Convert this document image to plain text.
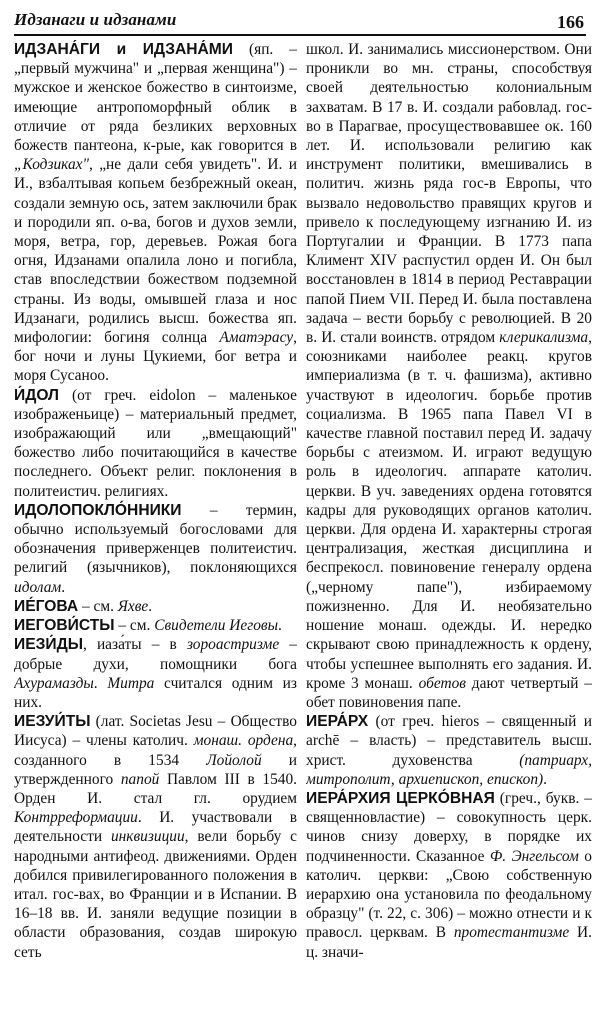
Идзанаги и идзанами	166

ИДЗАНА́ГИ и ИДЗАНА́МИ (яп. – „первый мужчина" и „первая женщина") – мужское и женское божество в синтоизме, имеющие антропоморфный облик в отличие от ряда безликих верховных божеств пантеона, к-рые, как говорится в „Кодзиках", „не дали себя увидеть". И. и И., взбалтывая копьем безбрежный океан, создали земную ось, затем заключили брак и породили яп. о-ва, богов и духов земли, моря, ветра, гор, деревьев. Рожая бога огня, Идзанами опалила лоно и погибла, став впоследствии божеством подземной страны. Из воды, омывшей глаза и нос Идзанаги, родились высш. божества яп. мифологии: богиня солнца Аматэрасу, бог ночи и луны Цукиеми, бог ветра и моря Сусаноо.

И́ДОЛ (от греч. eidolon – маленькое изображеньице) – материальный предмет, изображающий или „вмещающий" божество либо почитающийся в качестве последнего. Объект религ. поклонения в политеистич. религиях.

ИДОЛОПОКЛО́ННИКИ – термин, обычно используемый богословами для обозначения приверженцев политеистич. религий (язычников), поклоняющихся идолам.

ИЕ́ГОВА – см. Яхве.

ИЕГОВИ́СТЫ – см. Свидетели Иеговы.

ИЕЗИ́ДЫ, иаза́ты – в зороастризме – добрые духи, помощники бога Ахурамазды. Митра считался одним из них.

ИЕЗУИ́ТЫ (лат. Societas Jesu – Общество Иисуса) – члены католич. монаш. ордена, созданного в 1534 Лойолой и утвержденного папой Павлом III в 1540. Орден И. стал гл. орудием Контрреформации. И. участвовали в деятельности инквизиции, вели борьбу с народными антифеод. движениями. Орден добился привилегированного положения в итал. гос-вах, во Франции и в Испании. В 16–18 вв. И. заняли ведущие позиции в области образования, создав широкую сеть

школ. И. занимались миссионерством. Они проникли во мн. страны, способствуя своей деятельностью колониальным захватам. В 17 в. И. создали рабовлад. гос-во в Парагвае, просуществовавшее ок. 160 лет. И. использовали религию как инструмент политики, вмешивались в политич. жизнь ряда гос-в Европы, что вызвало недовольство правящих кругов и привело к последующему изгнанию И. из Португалии и Франции. В 1773 папа Климент XIV распустил орден И. Он был восстановлен в 1814 в период Реставрации папой Пием VII. Перед И. была поставлена задача – вести борьбу с революцией. В 20 в. И. стали воинств. отрядом клерикализма, союзниками наиболее реакц. кругов империализма (в т. ч. фашизма), активно участвуют в идеологич. борьбе против социализма. В 1965 папа Павел VI в качестве главной поставил перед И. задачу борьбы с атеизмом. И. играют ведущую роль в идеологич. аппарате католич. церкви. В уч. заведениях ордена готовятся кадры для руководящих органов католич. церкви. Для ордена И. характерны строгая централизация, жесткая дисциплина и беспрекосл. повиновение генералу ордена („черному папе"), избираемому пожизненно. Для И. необязательно ношение монаш. одежды. И. нередко скрывают свою принадлежность к ордену, чтобы успешнее выполнять его задания. И. кроме 3 монаш. обетов дают четвертый – обет повиновения папе.

ИЕРА́РХ (от греч. hieros – священный и archē – власть) – представитель высш. христ. духовенства (патриарх, митрополит, архиепископ, епископ).

ИЕРА́РХИЯ ЦЕРКО́ВНАЯ (греч., букв. – священновластие) – совокупность церк. чинов снизу доверху, в порядке их подчиненности. Сказанное Ф. Энгельсом о католич. церкви: „Свою собственную иерархию она установила по феодальному образцу" (т. 22, с. 306) – можно отнести и к правосл. церквам. В протестантизме И. ц. значи-
